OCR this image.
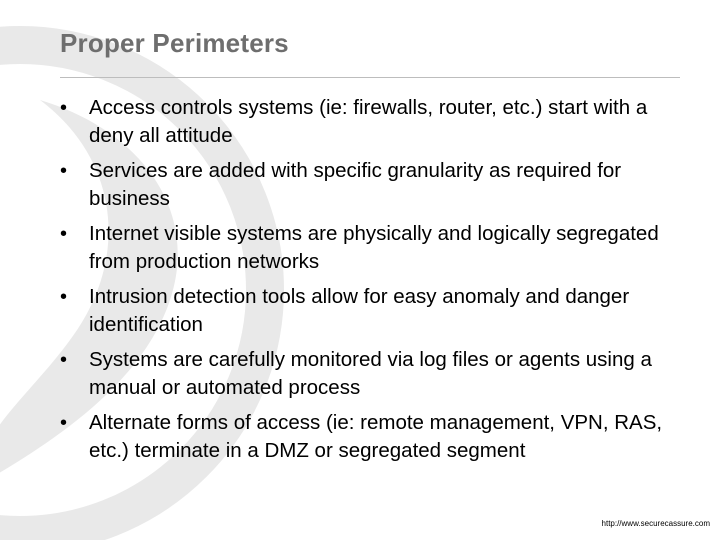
Proper Perimeters
• Access controls systems (ie: firewalls, router, etc.) start with a deny all attitude
• Services are added with specific granularity as required for business
• Internet visible systems are physically and logically segregated from production networks
• Intrusion detection tools allow for easy anomaly and danger identification
• Systems are carefully monitored via log files or agents using a manual or automated process
• Alternate forms of access (ie: remote management, VPN, RAS, etc.) terminate in a DMZ or segregated segment
http://www.securecassure.com
